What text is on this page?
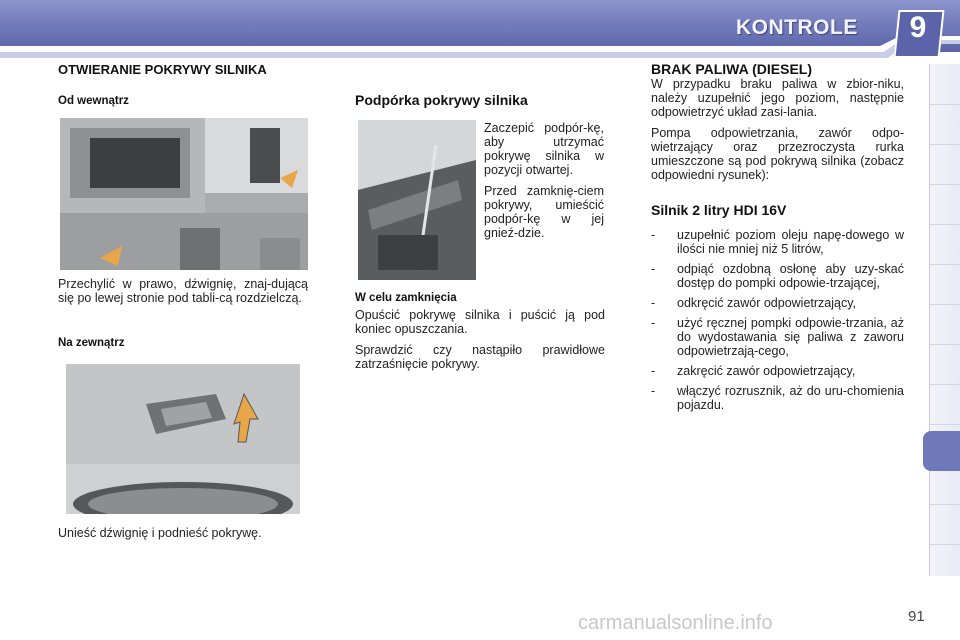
KONTROLE	9
OTWIERANIE POKRYWY SILNIKA
Od wewnątrz

Przechylić w prawo, dźwignię, znaj-dującą się po lewej stronie pod tabli-cą rozdzielczą.

Na zewnątrz

Unieść dźwignię i podnieść pokrywę.

Podpórka pokrywy silnika

Zaczepić podpór-kę, aby utrzymać pokrywę silnika w pozycji otwartej.

Przed zamknię-ciem pokrywy, umieścić podpór-kę w jej gnieź-dzie.

W celu zamknięcia

Opuścić pokrywę silnika i puścić ją pod koniec opuszczania.

Sprawdzić czy nastąpiło prawidłowe zatrzaśnięcie pokrywy.

BRAK PALIWA (DIESEL)

W przypadku braku paliwa w zbior-niku, należy uzupełnić jego poziom, następnie odpowietrzyć układ zasi-lania.

Pompa odpowietrzania, zawór odpo-wietrzający oraz przezroczysta rurka umieszczone są pod pokrywą silnika (zobacz odpowiedni rysunek):

Silnik 2 litry HDI 16V
- uzupełnić poziom oleju napę-dowego w ilości nie mniej niż 5 litrów,
- odpiąć ozdobną osłonę aby uzy-skać dostęp do pompki odpowie-trzającej,
- odkręcić zawór odpowietrzający,
- użyć ręcznej pompki odpowie-trzania, aż do wydostawania się paliwa z zaworu odpowietrzają-cego,
- zakręcić zawór odpowietrzający,
- włączyć rozrusznik, aż do uru-chomienia pojazdu.
carmanualsonline.info	91
